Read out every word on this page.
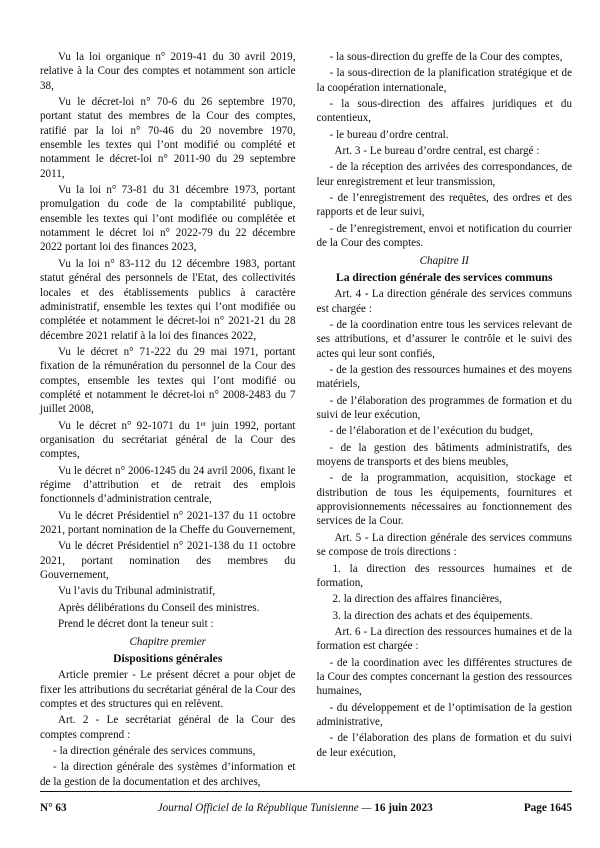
Vu la loi organique n° 2019-41 du 30 avril 2019, relative à la Cour des comptes et notamment son article 38,

Vu le décret-loi n° 70-6 du 26 septembre 1970, portant statut des membres de la Cour des comptes, ratifié par la loi n° 70-46 du 20 novembre 1970, ensemble les textes qui l’ont modifié ou complété et notamment le décret-loi n° 2011-90 du 29 septembre 2011,

Vu la loi n° 73-81 du 31 décembre 1973, portant promulgation du code de la comptabilité publique, ensemble les textes qui l’ont modifiée ou complétée et notamment le décret loi n° 2022-79 du 22 décembre 2022 portant loi des finances 2023,

Vu la loi n° 83-112 du 12 décembre 1983, portant statut général des personnels de l'Etat, des collectivités locales et des établissements publics à caractère administratif, ensemble les textes qui l’ont modifiée ou complétée et notamment le décret-loi n° 2021-21 du 28 décembre 2021 relatif à la loi des finances 2022,

Vu le décret n° 71-222 du 29 mai 1971, portant fixation de la rémunération du personnel de la Cour des comptes, ensemble les textes qui l’ont modifié ou complété et notamment le décret-loi n° 2008-2483 du 7 juillet 2008,

Vu le décret n° 92-1071 du 1er juin 1992, portant organisation du secrétariat général de la Cour des comptes,

Vu le décret n° 2006-1245 du 24 avril 2006, fixant le régime d’attribution et de retrait des emplois fonctionnels d’administration centrale,

Vu le décret Présidentiel n° 2021-137 du 11 octobre 2021, portant nomination de la Cheffe du Gouvernement,

Vu le décret Présidentiel n° 2021-138 du 11 octobre 2021, portant nomination des membres du Gouvernement,

Vu l’avis du Tribunal administratif,

Après délibérations du Conseil des ministres.

Prend le décret dont la teneur suit :

Chapitre premier
Dispositions générales

Article premier - Le présent décret a pour objet de fixer les attributions du secrétariat général de la Cour des comptes et des structures qui en relèvent.

Art. 2 - Le secrétariat général de la Cour des comptes comprend :

- la direction générale des services communs,

- la direction générale des systèmes d’information et de la gestion de la documentation et des archives,

- la sous-direction du greffe de la Cour des comptes,

- la sous-direction de la planification stratégique et de la coopération internationale,

- la sous-direction des affaires juridiques et du contentieux,

- le bureau d’ordre central.

Art. 3 - Le bureau d’ordre central, est chargé :

- de la réception des arrivées des correspondances, de leur enregistrement et leur transmission,

- de l’enregistrement des requêtes, des ordres et des rapports et de leur suivi,

- de l’enregistrement, envoi et notification du courrier de la Cour des comptes.

Chapitre II
La direction générale des services communs

Art. 4 - La direction générale des services communs est chargée :

- de la coordination entre tous les services relevant de ses attributions, et d’assurer le contrôle et le suivi des actes qui leur sont confiés,

- de la gestion des ressources humaines et des moyens matériels,

- de l’élaboration des programmes de formation et du suivi de leur exécution,

- de l’élaboration et de l’exécution du budget,

- de la gestion des bâtiments administratifs, des moyens de transports et des biens meubles,

- de la programmation, acquisition, stockage et distribution de tous les équipements, fournitures et approvisionnements nécessaires au fonctionnement des services de la Cour.

Art. 5 - La direction générale des services communs se compose de trois directions :

1. la direction des ressources humaines et de formation,

2. la direction des affaires financières,

3. la direction des achats et des équipements.

Art. 6 - La direction des ressources humaines et de la formation est chargée :

- de la coordination avec les différentes structures de la Cour des comptes concernant la gestion des ressources humaines,

- du développement et de l’optimisation de la gestion administrative,

- de l’élaboration des plans de formation et du suivi de leur exécution,

N° 63	Journal Officiel de la République Tunisienne — 16 juin 2023	Page 1645
